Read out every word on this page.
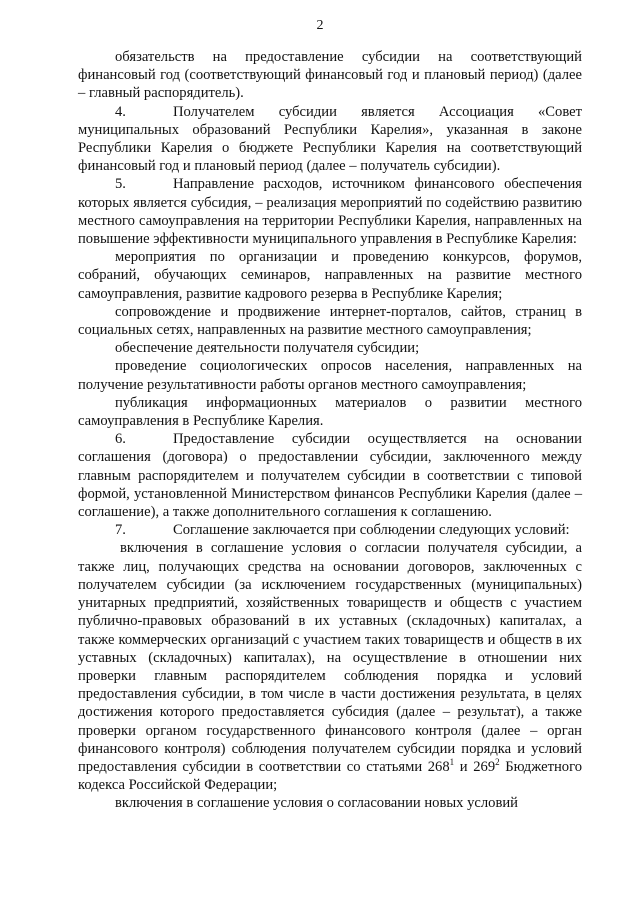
2

обязательств на предоставление субсидии на соответствующий финансовый год (соответствующий финансовый год и плановый период) (далее – главный распорядитель).

4.	Получателем субсидии является Ассоциация «Совет муниципальных образований Республики Карелия», указанная в законе Республики Карелия о бюджете Республики Карелия на соответствующий финансовый год и плановый период (далее – получатель субсидии).

5.	Направление расходов, источником финансового обеспечения которых является субсидия, – реализация мероприятий по содействию развитию местного самоуправления на территории Республики Карелия, направленных на повышение эффективности муниципального управления в Республике Карелия:

мероприятия по организации и проведению конкурсов, форумов, собраний, обучающих семинаров, направленных на развитие местного самоуправления, развитие кадрового резерва в Республике Карелия;

сопровождение и продвижение интернет-порталов, сайтов, страниц в социальных сетях, направленных на развитие местного самоуправления;

обеспечение деятельности получателя субсидии;

проведение социологических опросов населения, направленных на получение результативности работы органов местного самоуправления;

публикация информационных материалов о развитии местного самоуправления в Республике Карелия.

6.	Предоставление субсидии осуществляется на основании соглашения (договора) о предоставлении субсидии, заключенного между главным распорядителем и получателем субсидии в соответствии с типовой формой, установленной Министерством финансов Республики Карелия (далее – соглашение), а также дополнительного соглашения к соглашению.

7.	Соглашение заключается при соблюдении следующих условий:

включения в соглашение условия о согласии получателя субсидии, а также лиц, получающих средства на основании договоров, заключенных с получателем субсидии (за исключением государственных (муниципальных) унитарных предприятий, хозяйственных товариществ и обществ с участием публично-правовых образований в их уставных (складочных) капиталах, а также коммерческих организаций с участием таких товариществ и обществ в их уставных (складочных) капиталах), на осуществление в отношении них проверки главным распорядителем соблюдения порядка и условий предоставления субсидии, в том числе в части достижения результата, в целях достижения которого предоставляется субсидия (далее – результат), а также проверки органом государственного финансового контроля (далее – орган финансового контроля) соблюдения получателем субсидии порядка и условий предоставления субсидии в соответствии со статьями $268^1$ и $269^2$ Бюджетного кодекса Российской Федерации;

включения в соглашение условия о согласовании новых условий
